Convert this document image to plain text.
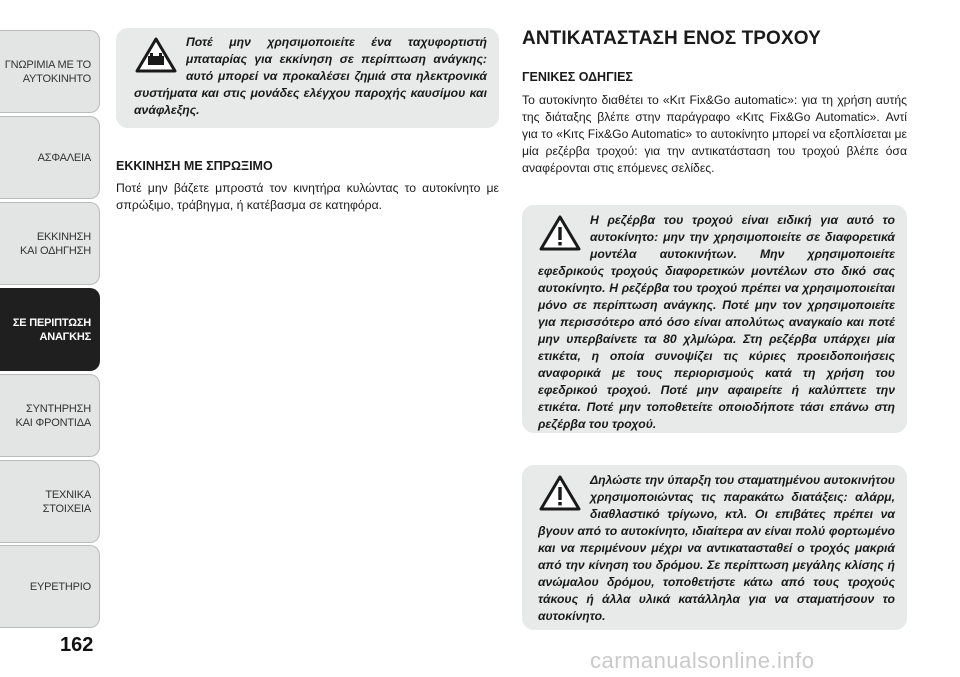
ΓΝΩΡΙΜΙΑ ΜΕ ΤΟ
ΑΥΤΟΚΙΝΗΤΟ
ΑΣΦΑΛΕΙΑ
ΕΚΚΙΝΗΣΗ
ΚΑΙ ΟΔΗΓΗΣΗ
ΣΕ ΠΕΡΙΠΤΩΣΗ
ΑΝΑΓΚΗΣ
ΣΥΝΤΗΡΗΣΗ
ΚΑΙ ΦΡΟΝΤΙΔΑ
ΤΕΧΝΙΚΑ
ΣΤΟΙΧΕΙΑ
ΕΥΡΕΤΗΡΙΟ
162

Ποτέ μην χρησιμοποιείτε ένα ταχυφορτιστή μπαταρίας για εκκίνηση σε περίπτωση ανάγκης: αυτό μπορεί να προκαλέσει ζημιά στα ηλεκτρονικά συστήματα και στις μονάδες ελέγχου παροχής καυσίμου και ανάφλεξης.

ΕΚΚΙΝΗΣΗ ΜΕ ΣΠΡΩΞΙΜΟ

Ποτέ μην βάζετε μπροστά τον κινητήρα κυλώντας το αυτοκίνητο με σπρώξιμο, τράβηγμα, ή κατέβασμα σε κατηφόρα.

ΑΝΤΙΚΑΤΑΣΤΑΣΗ ΕΝΟΣ ΤΡΟΧΟΥ
ΓΕΝΙΚΕΣ ΟΔΗΓΙΕΣ

Το αυτοκίνητο διαθέτει το «Κιτ Fix&Go automatic»: για τη χρήση αυτής της διάταξης βλέπε στην παράγραφο «Κιτς Fix&Go Automatic». Αντί για το «Κιτς Fix&Go Automatic» το αυτοκίνητο μπορεί να εξοπλίσεται με μία ρεζέρβα τροχού: για την αντικατάσταση του τροχού βλέπε όσα αναφέρονται στις επόμενες σελίδες.

Η ρεζέρβα του τροχού είναι ειδική για αυτό το αυτοκίνητο: μην την χρησιμοποιείτε σε διαφορετικά μοντέλα αυτοκινήτων. Μην χρησιμοποιείτε εφεδρικούς τροχούς διαφορετικών μοντέλων στο δικό σας αυτοκίνητο. Η ρεζέρβα του τροχού πρέπει να χρησιμοποιείται μόνο σε περίπτωση ανάγκης. Ποτέ μην τον χρησιμοποιείτε για περισσότερο από όσο είναι απολύτως αναγκαίο και ποτέ μην υπερβαίνετε τα 80 χλμ/ώρα. Στη ρεζέρβα υπάρχει μία ετικέτα, η οποία συνοψίζει τις κύριες προειδοποιήσεις αναφορικά με τους περιορισμούς κατά τη χρήση του εφεδρικού τροχού. Ποτέ μην αφαιρείτε ή καλύπτετε την ετικέτα. Ποτέ μην τοποθετείτε οποιοδήποτε τάσι επάνω στη ρεζέρβα του τροχού.

Δηλώστε την ύπαρξη του σταματημένου αυτοκινήτου χρησιμοποιώντας τις παρακάτω διατάξεις: αλάρμ, διαθλαστικό τρίγωνο, κτλ. Οι επιβάτες πρέπει να βγουν από το αυτοκίνητο, ιδιαίτερα αν είναι πολύ φορτωμένο και να περιμένουν μέχρι να αντικατασταθεί ο τροχός μακριά από την κίνηση του δρόμου. Σε περίπτωση μεγάλης κλίσης ή ανώμαλου δρόμου, τοποθετήστε κάτω από τους τροχούς τάκους ή άλλα υλικά κατάλληλα για να σταματήσουν το αυτοκίνητο.

carmanualsonline.info
